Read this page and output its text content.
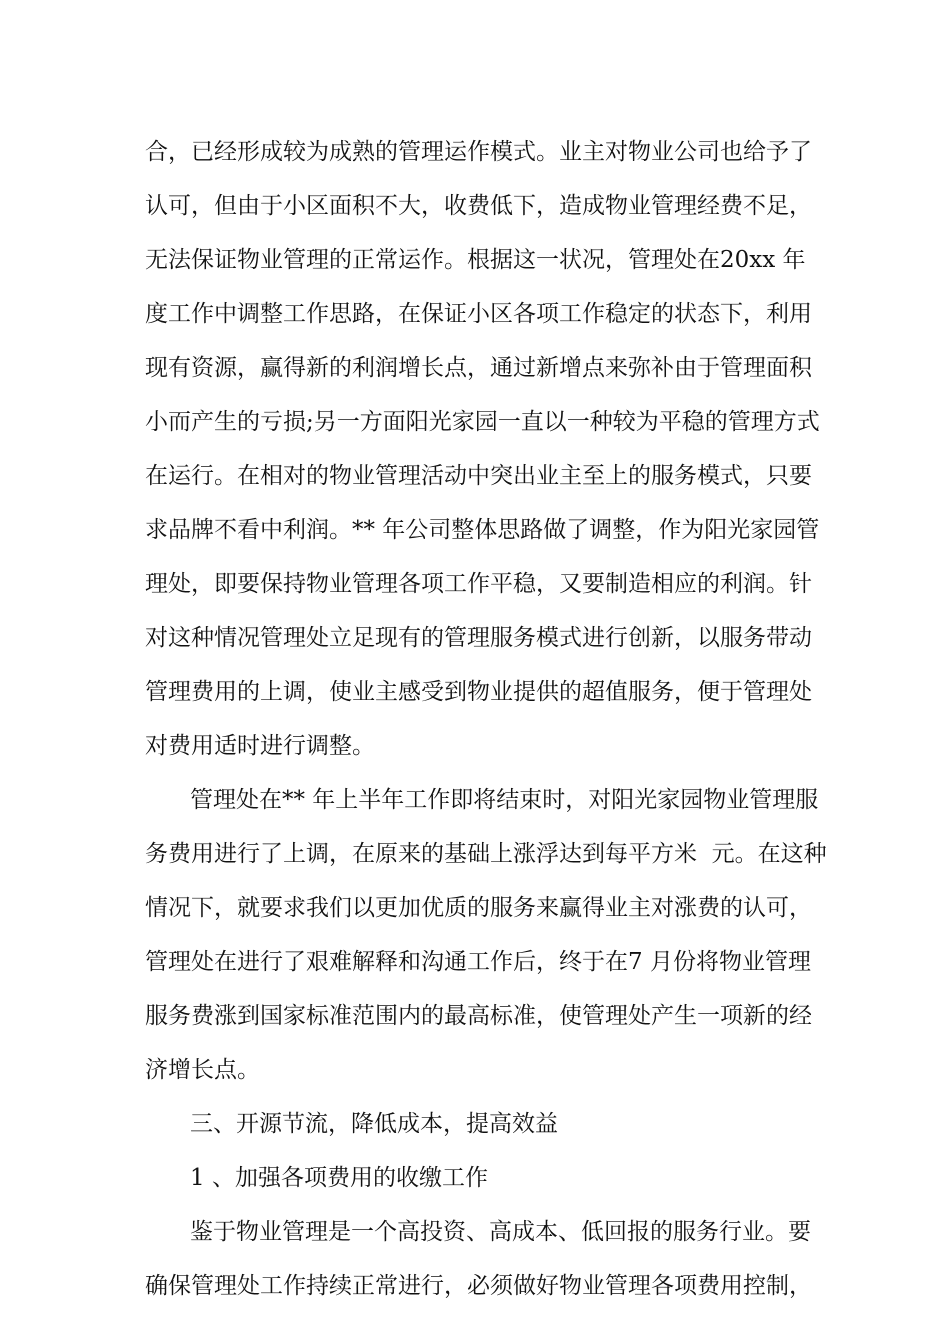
合，已经形成较为成熟的管理运作模式。业主对物业公司也给予了
认可，但由于小区面积不大，收费低下，造成物业管理经费不足，
无法保证物业管理的正常运作。根据这一状况，管理处在20xx 年
度工作中调整工作思路，在保证小区各项工作稳定的状态下，利用
现有资源，赢得新的利润增长点，通过新增点来弥补由于管理面积
小而产生的亏损;另一方面阳光家园一直以一种较为平稳的管理方式
在运行。在相对的物业管理活动中突出业主至上的服务模式，只要
求品牌不看中利润。** 年公司整体思路做了调整，作为阳光家园管
理处，即要保持物业管理各项工作平稳，又要制造相应的利润。针
对这种情况管理处立足现有的管理服务模式进行创新，以服务带动
管理费用的上调，使业主感受到物业提供的超值服务，便于管理处
对费用适时进行调整。
管理处在** 年上半年工作即将结束时，对阳光家园物业管理服
务费用进行了上调，在原来的基础上涨浮达到每平方米  元。在这种
情况下，就要求我们以更加优质的服务来赢得业主对涨费的认可，
管理处在进行了艰难解释和沟通工作后，终于在7 月份将物业管理
服务费涨到国家标准范围内的最高标准，使管理处产生一项新的经
济增长点。
三、开源节流，降低成本，提高效益
1 、加强各项费用的收缴工作
鉴于物业管理是一个高投资、高成本、低回报的服务行业。要
确保管理处工作持续正常进行，必须做好物业管理各项费用控制，
